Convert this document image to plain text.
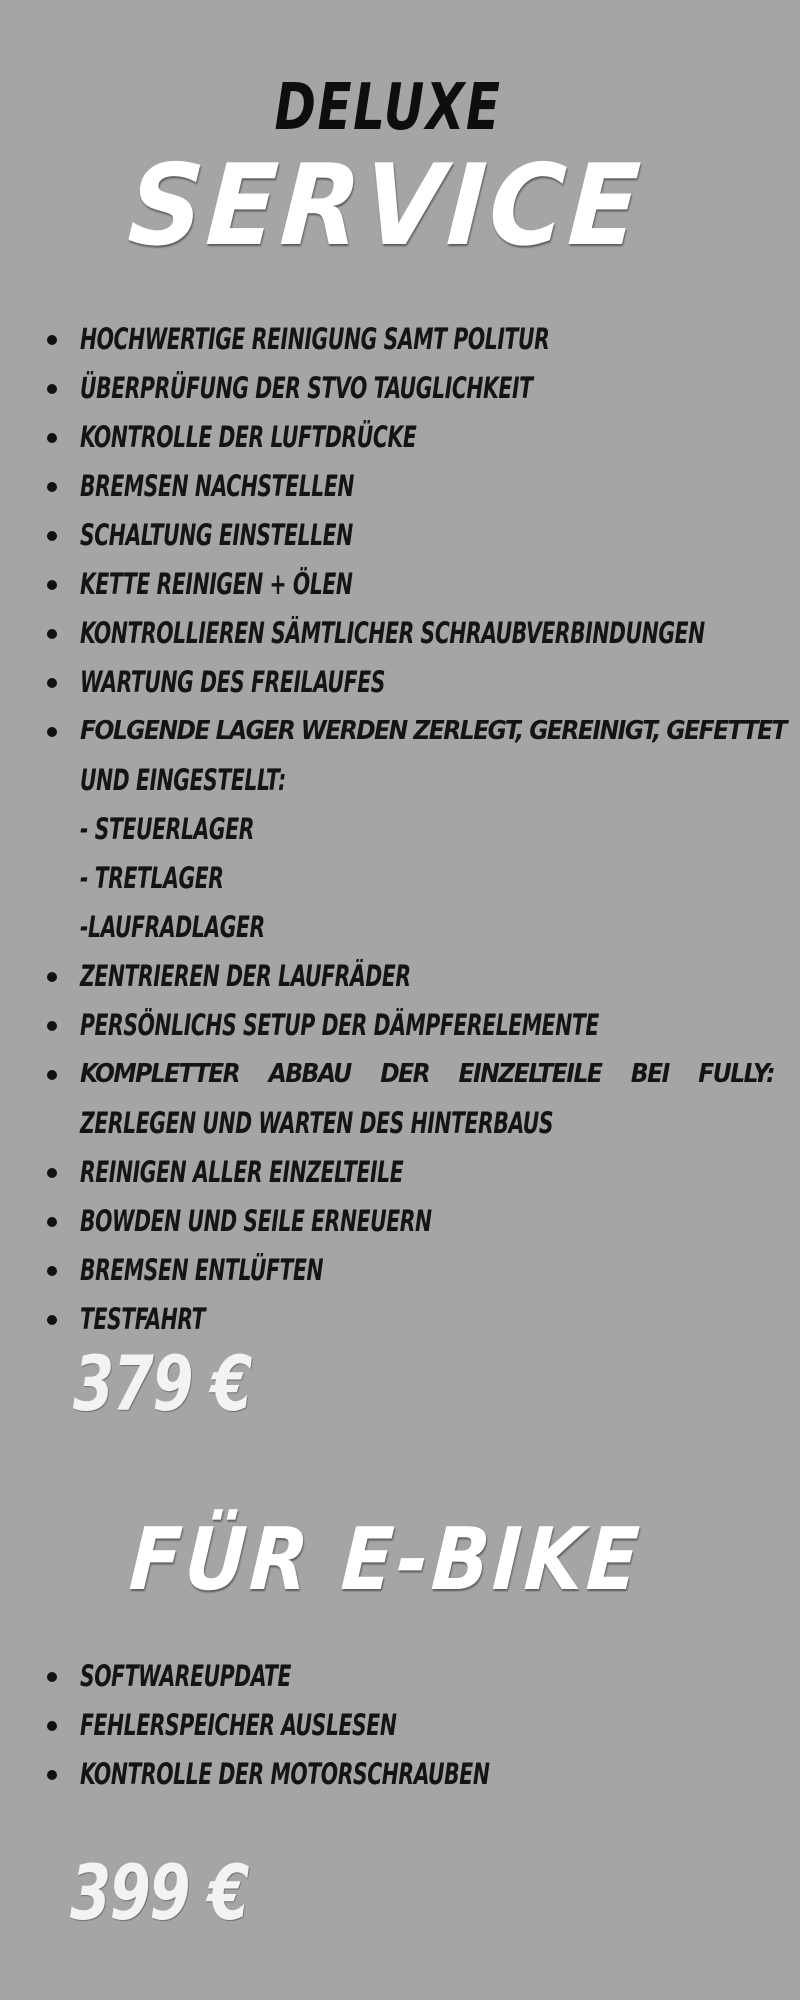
DELUXE
SERVICE
HOCHWERTIGE REINIGUNG SAMT POLITUR
ÜBERPRÜFUNG DER STVO TAUGLICHKEIT
KONTROLLE DER LUFTDRÜCKE
BREMSEN NACHSTELLEN
SCHALTUNG EINSTELLEN
KETTE REINIGEN + ÖLEN
KONTROLLIEREN SÄMTLICHER SCHRAUBVERBINDUNGEN
WARTUNG DES FREILAUFES
FOLGENDE LAGER WERDEN ZERLEGT, GEREINIGT, GEFETTET
UND EINGESTELLT:
- STEUERLAGER
- TRETLAGER
-LAUFRADLAGER
ZENTRIEREN DER LAUFRÄDER
PERSÖNLICHS SETUP DER DÄMPFERELEMENTE
KOMPLETTER ABBAU DER EINZELTEILE BEI FULLY:
ZERLEGEN UND WARTEN DES HINTERBAUS
REINIGEN ALLER EINZELTEILE
BOWDEN UND SEILE ERNEUERN
BREMSEN ENTLÜFTEN
TESTFAHRT
379 €
FÜR E-BIKE
SOFTWAREUPDATE
FEHLERSPEICHER AUSLESEN
KONTROLLE DER MOTORSCHRAUBEN
399 €
